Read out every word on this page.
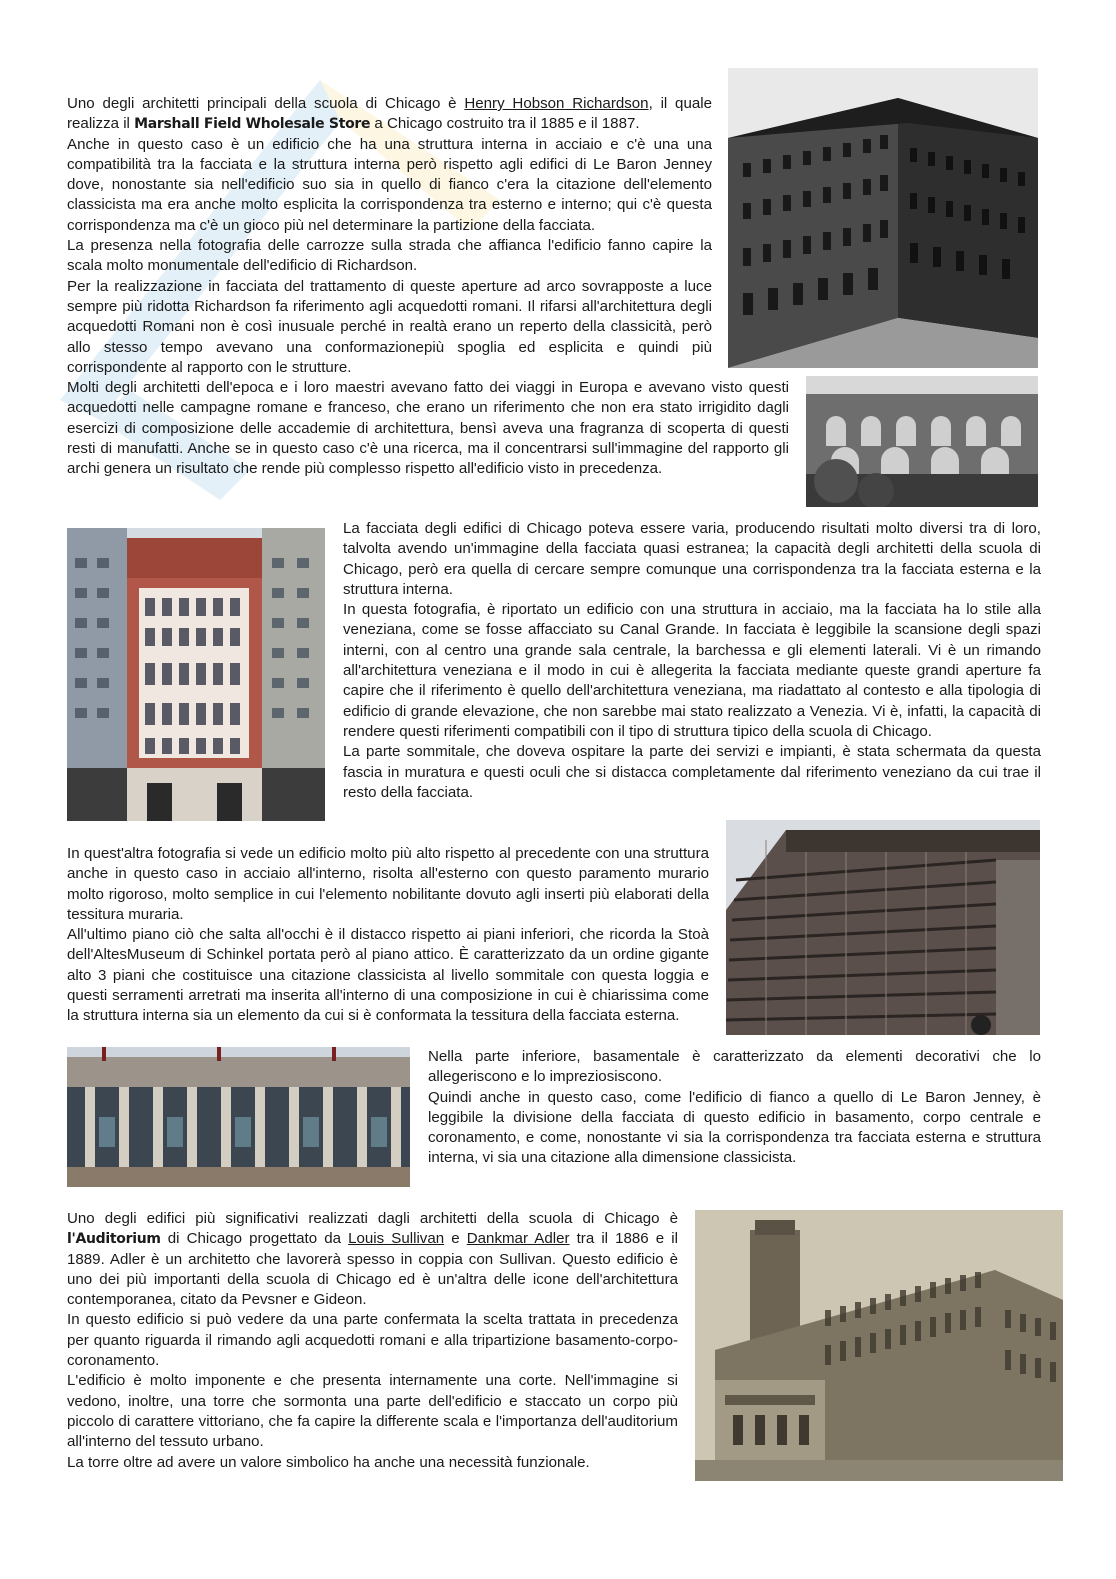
Uno degli architetti principali della scuola di Chicago è Henry Hobson Richardson, il quale realizza il Marshall Field Wholesale Store a Chicago costruito tra il 1885 e il 1887.

Anche in questo caso è un edificio che ha una struttura interna in acciaio e c'è una una compatibilità tra la facciata e la struttura interna però rispetto agli edifici di Le Baron Jenney dove, nonostante sia nell'edificio suo sia in quello di fianco c'era la citazione dell'elemento classicista ma era anche molto esplicita la corrispondenza tra esterno e interno; qui c'è questa corrispondenza ma c'è un gioco più nel determinare la partizione della facciata.

La presenza nella fotografia delle carrozze sulla strada che affianca l'edificio fanno capire la scala molto monumentale dell'edificio di Richardson.

Per la realizzazione in facciata del trattamento di queste aperture ad arco sovrapposte a luce sempre più ridotta Richardson fa riferimento agli acquedotti romani. Il rifarsi all'architettura degli acquedotti Romani non è così inusuale perché in realtà erano un reperto della classicità, però allo stesso tempo avevano una conformazionepiù spoglia ed esplicita e quindi più corrispondente al rapporto con le strutture.

Molti degli architetti dell'epoca e i loro maestri avevano fatto dei viaggi in Europa e avevano visto questi acquedotti nelle campagne romane e franceso, che erano un riferimento che non era stato irrigidito dagli esercizi di composizione delle accademie di architettura, bensì aveva una fragranza di scoperta di questi resti di manufatti. Anche se in questo caso c'è una ricerca, ma il concentrarsi sull'immagine del rapporto gli archi genera un risultato che rende più complesso rispetto all'edificio visto in precedenza.

La facciata degli edifici di Chicago poteva essere varia, producendo risultati molto diversi tra di loro, talvolta avendo un'immagine della facciata quasi estranea; la capacità degli architetti della scuola di Chicago, però era quella di cercare sempre comunque una corrispondenza tra la facciata esterna e la struttura interna.

In questa fotografia, è riportato un edificio con una struttura in acciaio, ma la facciata ha lo stile alla veneziana, come se fosse affacciato su Canal Grande. In facciata è leggibile la scansione degli spazi interni, con al centro una grande sala centrale, la barchessa e gli elementi laterali. Vi è un rimando all'architettura veneziana e il modo in cui è allegerita la facciata mediante queste grandi aperture fa capire che il riferimento è quello dell'architettura veneziana, ma riadattato al contesto e alla tipologia di edificio di grande elevazione, che non sarebbe mai stato realizzato a Venezia. Vi è, infatti, la capacità di rendere questi riferimenti compatibili con il tipo di struttura tipico della scuola di Chicago.

La parte sommitale, che doveva ospitare la parte dei servizi e impianti, è stata schermata da questa fascia in muratura e questi oculi che si distacca completamente dal riferimento veneziano da cui trae il resto della facciata.

In quest'altra fotografia si vede un edificio molto più alto rispetto al precedente con una struttura anche in questo caso in acciaio all'interno, risolta all'esterno con questo paramento murario molto rigoroso, molto semplice in cui l'elemento nobilitante dovuto agli inserti più elaborati della tessitura muraria.

All'ultimo piano ciò che salta all'occhi è il distacco rispetto ai piani inferiori, che ricorda la Stoà dell'AltesMuseum di Schinkel portata però al piano attico. È caratterizzato da un ordine gigante alto 3 piani che costituisce una citazione classicista al livello sommitale con questa loggia e questi serramenti arretrati ma inserita all'interno di una composizione in cui è chiarissima come la struttura interna sia un elemento da cui si è conformata la tessitura della facciata esterna.

Nella parte inferiore, basamentale è caratterizzato da elementi decorativi che lo allegeriscono e lo impreziosiscono.

Quindi anche in questo caso, come l'edificio di fianco a quello di Le Baron Jenney, è leggibile la divisione della facciata di questo edificio in basamento, corpo centrale e coronamento, e come, nonostante vi sia la corrispondenza tra facciata esterna e struttura interna, vi sia una citazione alla dimensione classicista.

Uno degli edifici più significativi realizzati dagli architetti della scuola di Chicago è l'Auditorium di Chicago progettato da Louis Sullivan e Dankmar Adler tra il 1886 e il 1889. Adler è un architetto che lavorerà spesso in coppia con Sullivan. Questo edificio è uno dei più importanti della scuola di Chicago ed è un'altra delle icone dell'architettura contemporanea, citato da Pevsner e Gideon.

In questo edificio si può vedere da una parte confermata la scelta trattata in precedenza per quanto riguarda il rimando agli acquedotti romani e alla tripartizione basamento-corpo-coronamento.

L'edificio è molto imponente e che presenta internamente una corte. Nell'immagine si vedono, inoltre, una torre che sormonta una parte dell'edificio e staccato un corpo più piccolo di carattere vittoriano, che fa capire la differente scala e l'importanza dell'auditorium all'interno del tessuto urbano.

La torre oltre ad avere un valore simbolico ha anche una necessità funzionale.
